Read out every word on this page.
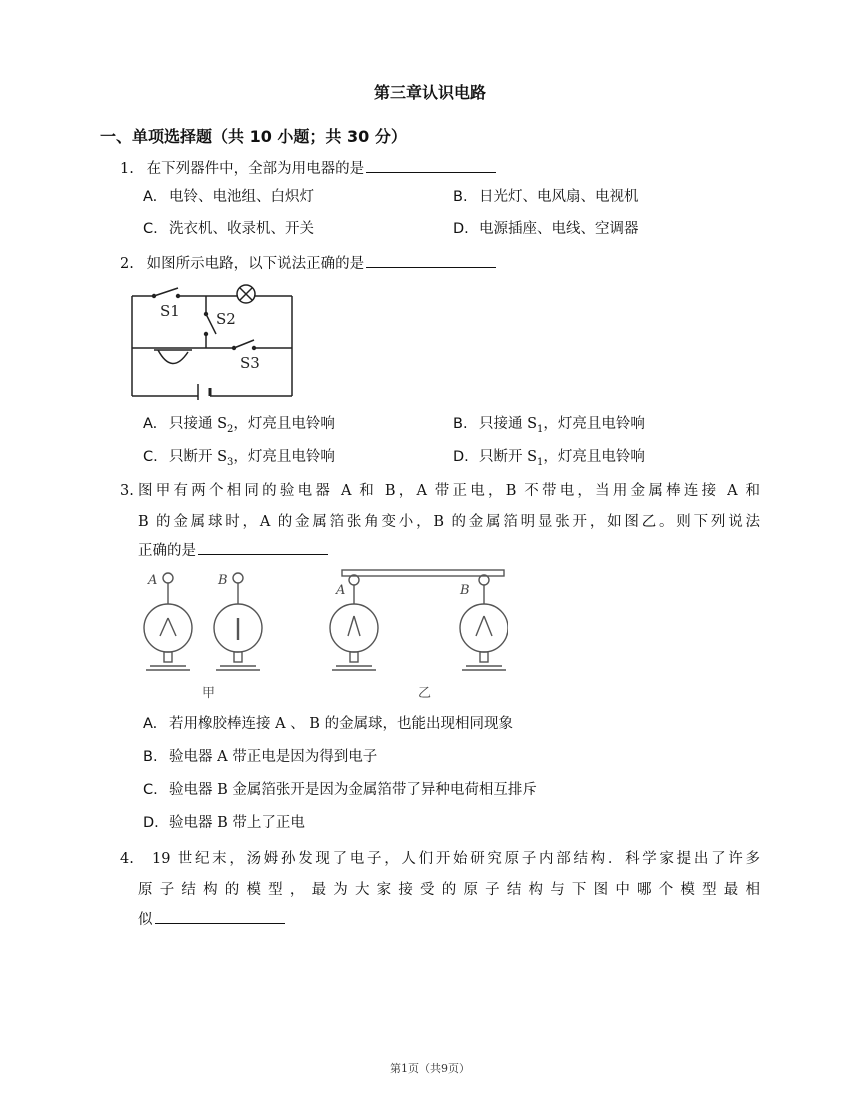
第三章认识电路
一、单项选择题（共 10 小题；共 30 分）
1. 在下列器件中，全部为用电器的是
A. 电铃、电池组、白炽灯	B. 日光灯、电风扇、电视机
C. 洗衣机、收录机、开关	D. 电源插座、电线、空调器
2. 如图所示电路，以下说法正确的是
S1 S2
S3
A. 只接通 $S_2$，灯亮且电铃响	B. 只接通 $S_1$，灯亮且电铃响
C. 只断开 $S_3$，灯亮且电铃响	D. 只断开 $S_1$，灯亮且电铃响
3. 图甲有两个相同的验电器 A 和 B，A 带正电，B 不带电，当用金属棒连接 A 和
B 的金属球时，A 的金属箔张角变小，B 的金属箔明显张开，如图乙。则下列说法
正确的是
A	B
A	B
甲	乙
A. 若用橡胶棒连接 A 、 B 的金属球，也能出现相同现象
B. 验电器 A 带正电是因为得到电子
C. 验电器 B 金属箔张开是因为金属箔带了异种电荷相互排斥
D. 验电器 B 带上了正电
4.	19 世纪末，汤姆孙发现了电子，人们开始研究原子内部结构．科学家提出了许多
原子结构的模型，最为大家接受的原子结构与下图中哪个模型最相
似
第1页（共9页）
